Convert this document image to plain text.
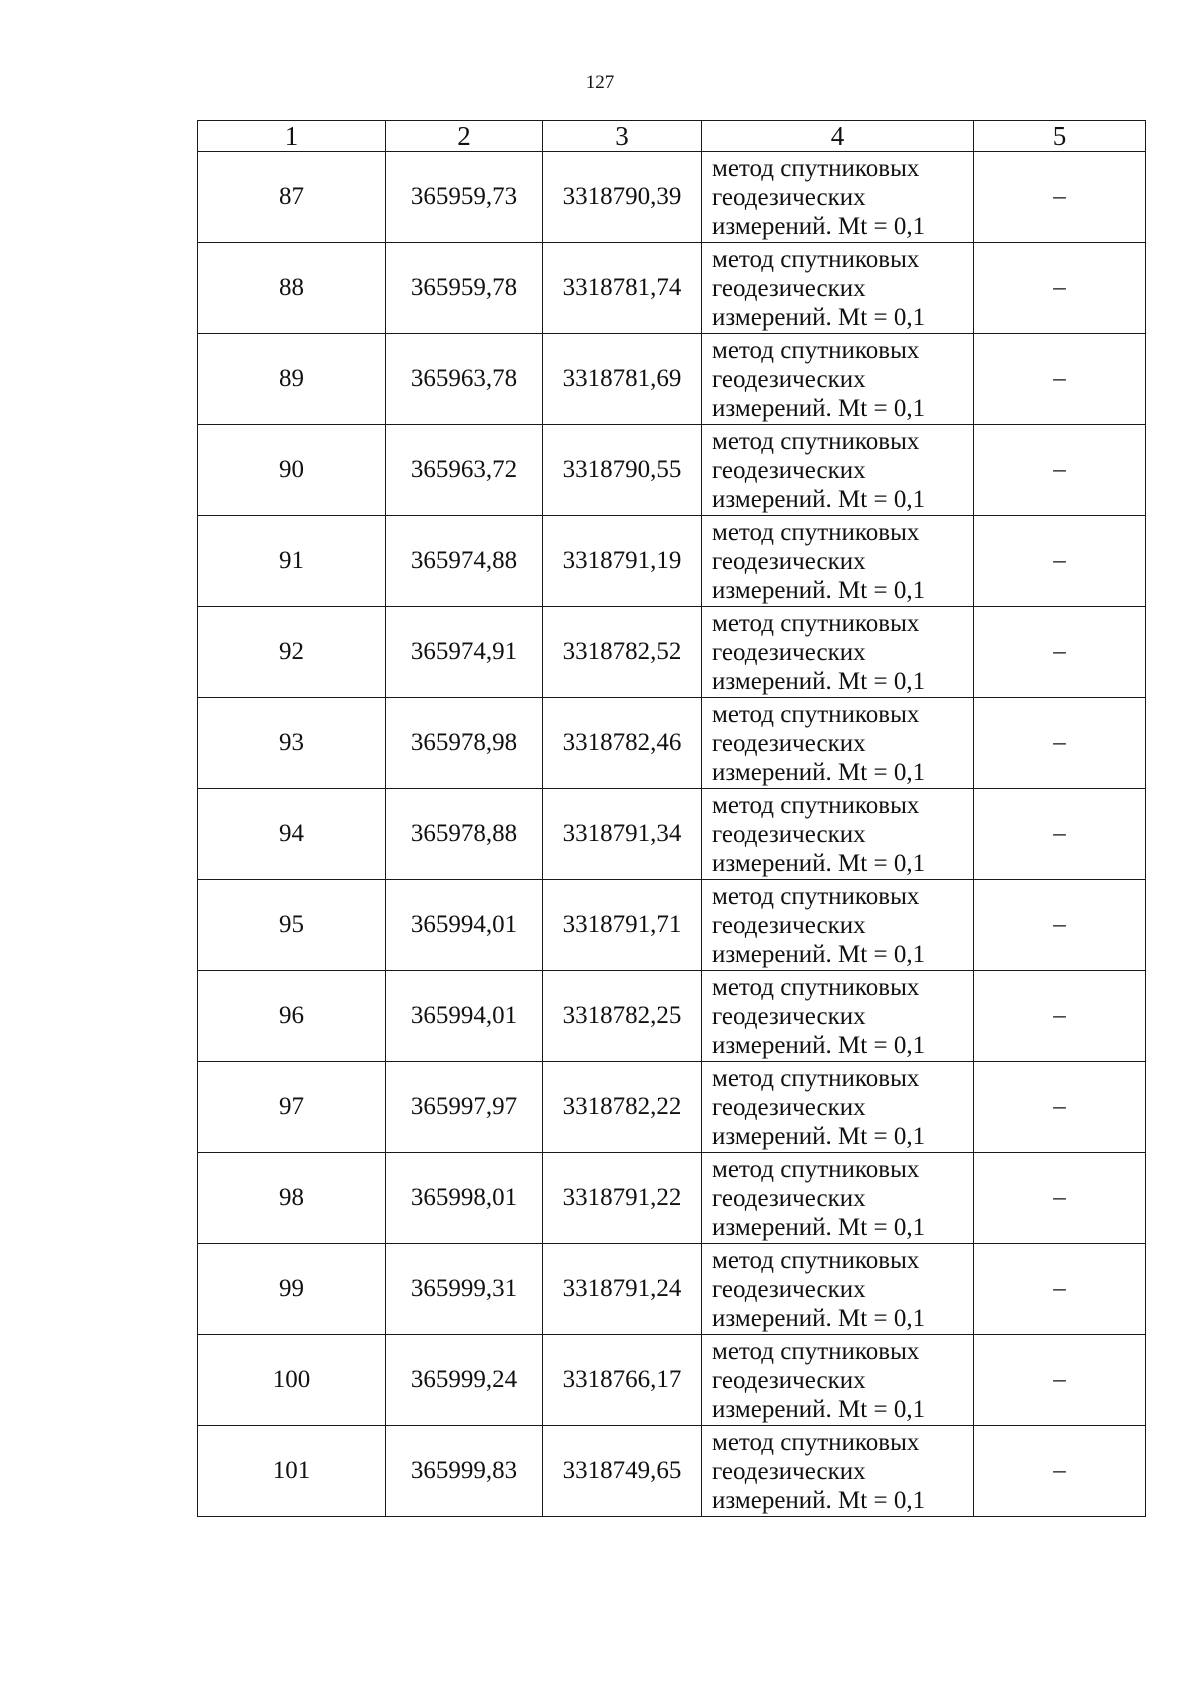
127
1	2	3	4	5
87	365959,73	3318790,39	метод спутниковых
геодезических
измерений. Mt = 0,1	–
88	365959,78	3318781,74	метод спутниковых
геодезических
измерений. Mt = 0,1	–
89	365963,78	3318781,69	метод спутниковых
геодезических
измерений. Mt = 0,1	–
90	365963,72	3318790,55	метод спутниковых
геодезических
измерений. Mt = 0,1	–
91	365974,88	3318791,19	метод спутниковых
геодезических
измерений. Mt = 0,1	–
92	365974,91	3318782,52	метод спутниковых
геодезических
измерений. Mt = 0,1	–
93	365978,98	3318782,46	метод спутниковых
геодезических
измерений. Mt = 0,1	–
94	365978,88	3318791,34	метод спутниковых
геодезических
измерений. Mt = 0,1	–
95	365994,01	3318791,71	метод спутниковых
геодезических
измерений. Mt = 0,1	–
96	365994,01	3318782,25	метод спутниковых
геодезических
измерений. Mt = 0,1	–
97	365997,97	3318782,22	метод спутниковых
геодезических
измерений. Mt = 0,1	–
98	365998,01	3318791,22	метод спутниковых
геодезических
измерений. Mt = 0,1	–
99	365999,31	3318791,24	метод спутниковых
геодезических
измерений. Mt = 0,1	–
100	365999,24	3318766,17	метод спутниковых
геодезических
измерений. Mt = 0,1	–
101	365999,83	3318749,65	метод спутниковых
геодезических
измерений. Mt = 0,1	–
